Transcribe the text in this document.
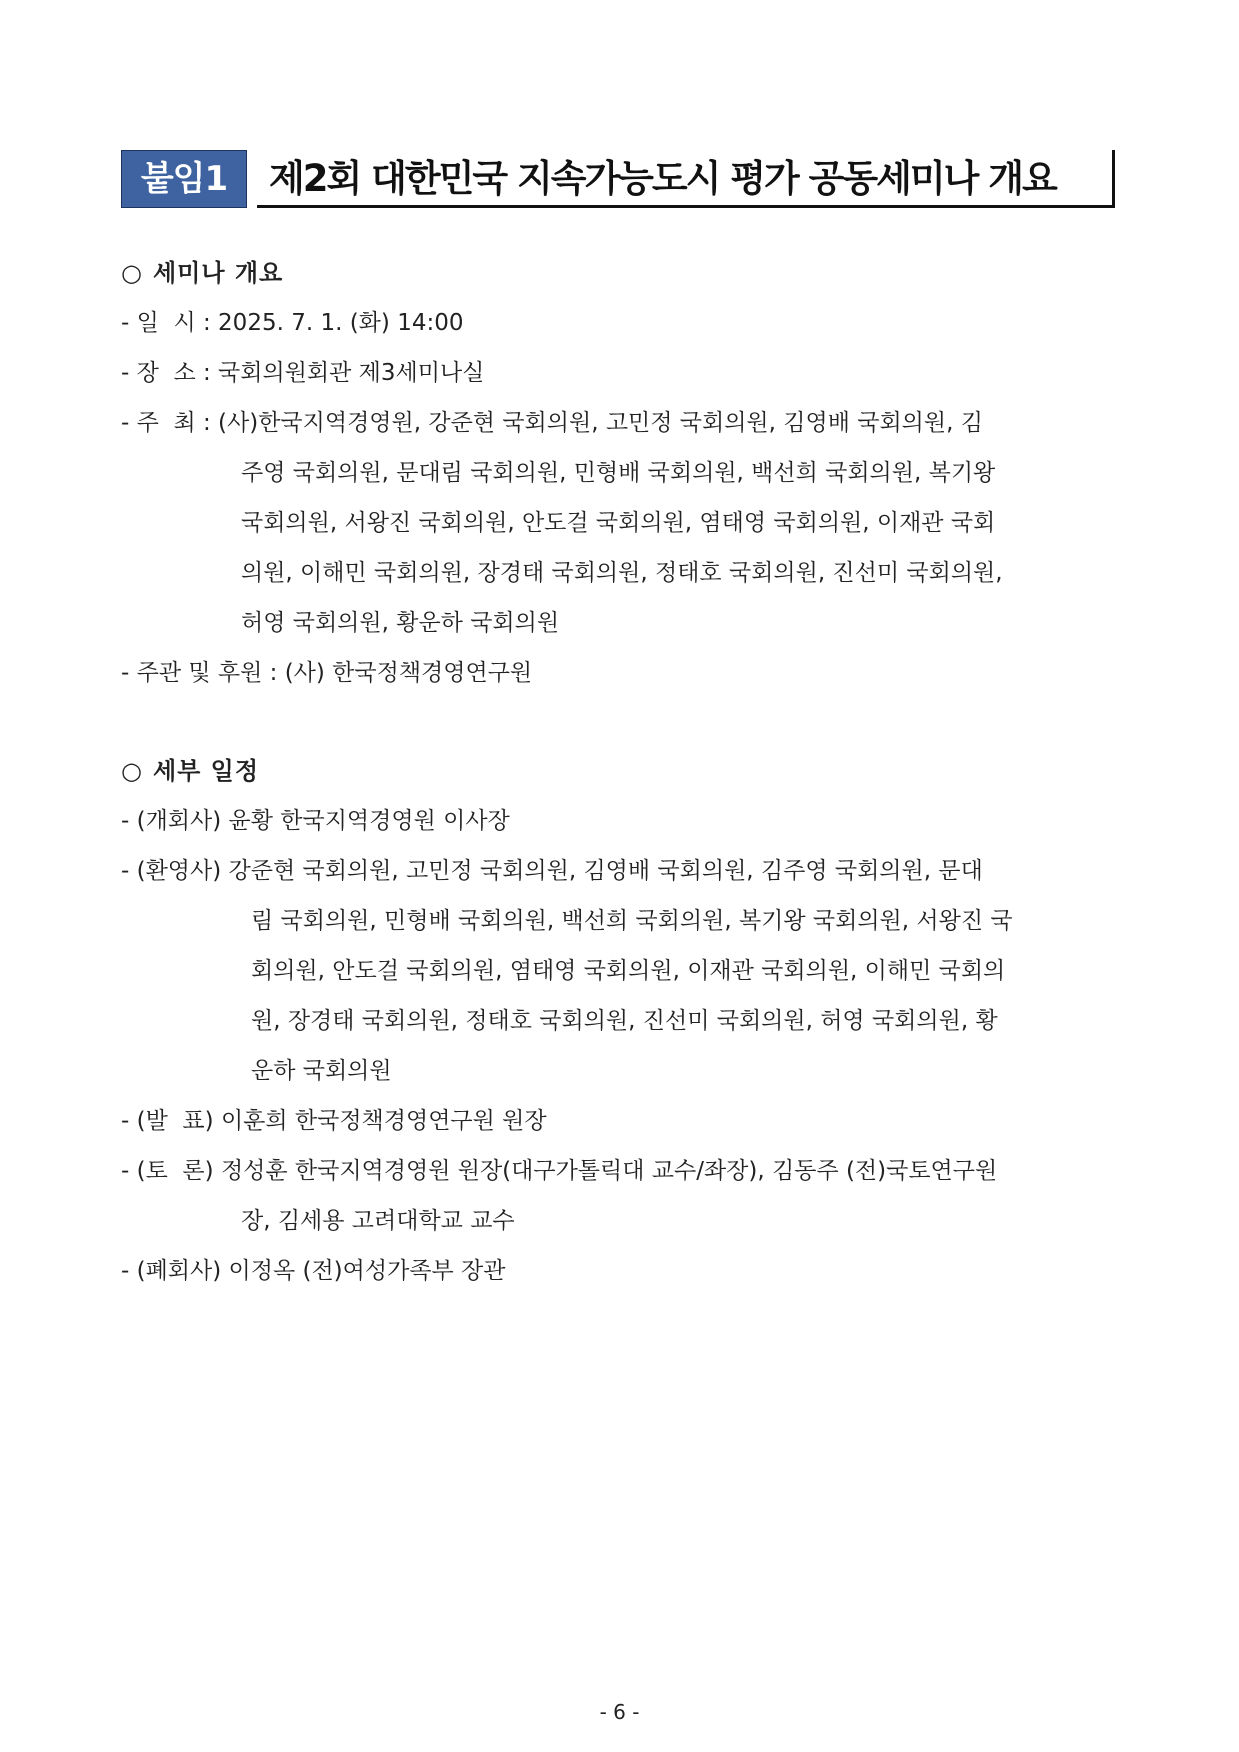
붙임1	제2회 대한민국 지속가능도시 평가 공동세미나 개요
○ 세미나 개요
- 일  시 : 2025. 7. 1. (화) 14:00
- 장  소 : 국회의원회관 제3세미나실
- 주  최 : (사)한국지역경영원, 강준현 국회의원, 고민정 국회의원, 김영배 국회의원, 김
주영 국회의원, 문대림 국회의원, 민형배 국회의원, 백선희 국회의원, 복기왕
국회의원, 서왕진 국회의원, 안도걸 국회의원, 염태영 국회의원, 이재관 국회
의원, 이해민 국회의원, 장경태 국회의원, 정태호 국회의원, 진선미 국회의원,
허영 국회의원, 황운하 국회의원
- 주관 및 후원 : (사) 한국정책경영연구원
○ 세부 일정
- (개회사) 윤황 한국지역경영원 이사장
- (환영사) 강준현 국회의원, 고민정 국회의원, 김영배 국회의원, 김주영 국회의원, 문대
림 국회의원, 민형배 국회의원, 백선희 국회의원, 복기왕 국회의원, 서왕진 국
회의원, 안도걸 국회의원, 염태영 국회의원, 이재관 국회의원, 이해민 국회의
원, 장경태 국회의원, 정태호 국회의원, 진선미 국회의원, 허영 국회의원, 황
운하 국회의원
- (발  표) 이훈희 한국정책경영연구원 원장
- (토  론) 정성훈 한국지역경영원 원장(대구가톨릭대 교수/좌장), 김동주 (전)국토연구원
장, 김세용 고려대학교 교수
- (폐회사) 이정옥 (전)여성가족부 장관
- 6 -
